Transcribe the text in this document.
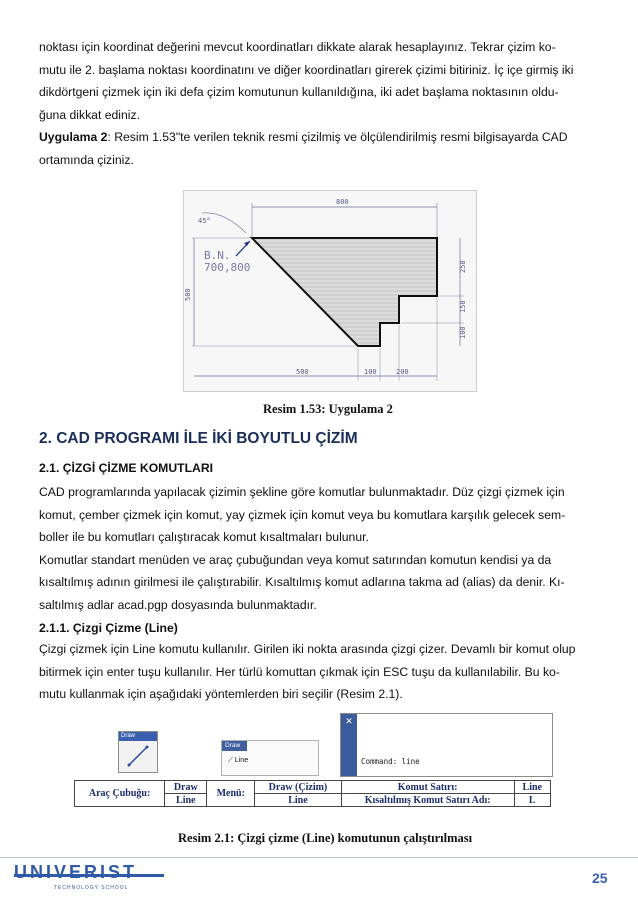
noktası için koordinat değerini mevcut koordinatları dikkate alarak hesaplayınız. Tekrar çizim ko-
mutu ile 2. başlama noktası koordinatını ve diğer koordinatları girerek çizimi bitiriniz. İç içe girmiş iki
dikdörtgeni çizmek için iki defa çizim komutunun kullanıldığına, iki adet başlama noktasının oldu-
ğuna dikkat ediniz.
Uygulama 2: Resim 1.53"te verilen teknik resmi çizilmiş ve ölçülendirilmiş resmi bilgisayarda CAD
ortamında çiziniz.

800
45°
B.N.
700,800
500
250
150
100
500	100	200
Resim 1.53: Uygulama 2
2. CAD PROGRAMI İLE İKİ BOYUTLU ÇİZİM
2.1. ÇİZGİ ÇİZME KOMUTLARI

CAD programlarında yapılacak çizimin şekline göre komutlar bulunmaktadır. Düz çizgi çizmek için
komut, çember çizmek için komut, yay çizmek için komut veya bu komutlara karşılık gelecek sem-
boller ile bu komutları çalıştıracak komut kısaltmaları bulunur.
Komutlar standart menüden ve araç çubuğundan veya komut satırından komutun kendisi ya da
kısaltılmış adının girilmesi ile çalıştırabilir. Kısaltılmış komut adlarına takma ad (alias) da denir. Kı-
saltılmış adlar acad.pgp dosyasında bulunmaktadır.

2.1.1. Çizgi Çizme (Line)

Çizgi çizmek için Line komutu kullanılır. Girilen iki nokta arasında çizgi çizer. Devamlı bir komut olup
bitirmek için enter tuşu kullanılır. Her türlü komuttan çıkmak için ESC tuşu da kullanılabilir. Bu ko-
mutu kullanmak için aşağıdaki yöntemlerden biri seçilir (Resim 2.1).

Draw
Draw
⟋ Line
✕
Command: line
Araç Çubuğu:	Draw	Menü:	Draw (Çizim)	Komut Satırı:	Line
	Line		Line	Kısaltılmış Komut Satırı Adı:	L
Resim 2.1: Çizgi çizme (Line) komutunun çalıştırılması
UNIVERIST
TECHNOLOGY SCHOOL
25
